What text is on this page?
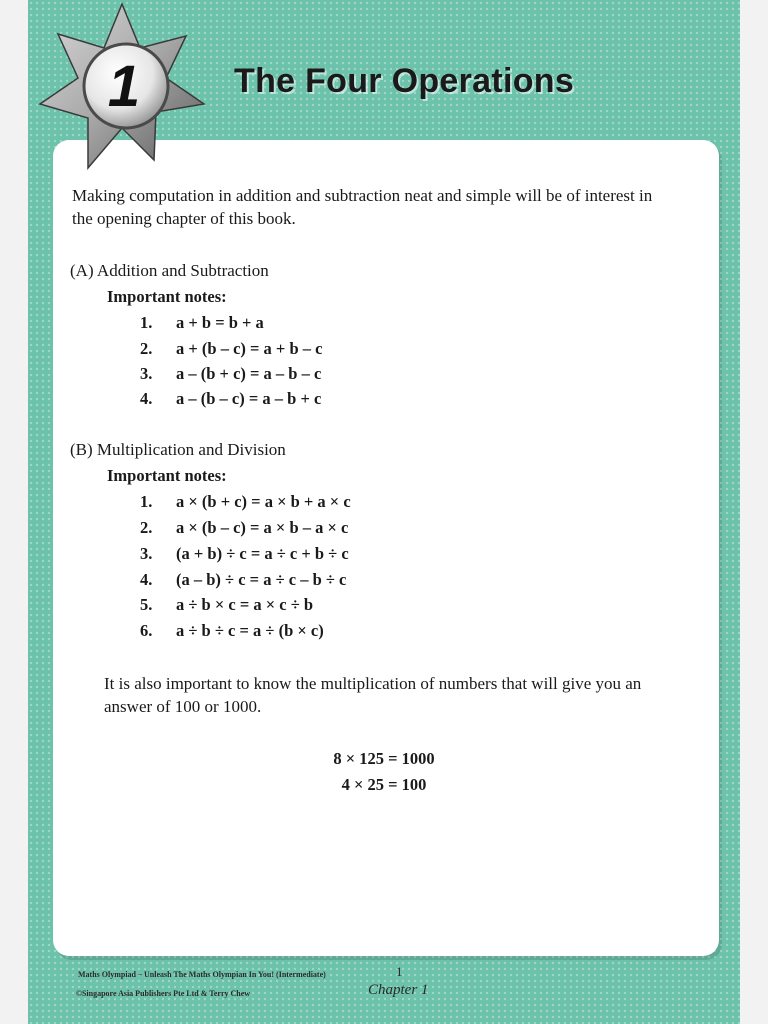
1	The Four Operations
Making computation in addition and subtraction neat and simple will be of interest in
the opening chapter of this book.
(A) Addition and Subtraction
Important notes:
1. a + b = b + a
2. a + (b – c) = a + b – c
3. a – (b + c) = a – b – c
4. a – (b – c) = a – b + c
(B) Multiplication and Division
Important notes:
1. a × (b + c) = a × b + a × c
2. a × (b – c) = a × b – a × c
3. (a + b) ÷ c = a ÷ c + b ÷ c
4. (a – b) ÷ c = a ÷ c – b ÷ c
5. a ÷ b × c = a × c ÷ b
6. a ÷ b ÷ c = a ÷ (b × c)
It is also important to know the multiplication of numbers that will give you an
answer of 100 or 1000.
8 × 125 = 1000
4 × 25 = 100
Maths Olympiad – Unleash The Maths Olympian In You! (Intermediate)
©Singapore Asia Publishers Pte Ltd & Terry Chew
1
Chapter 1
